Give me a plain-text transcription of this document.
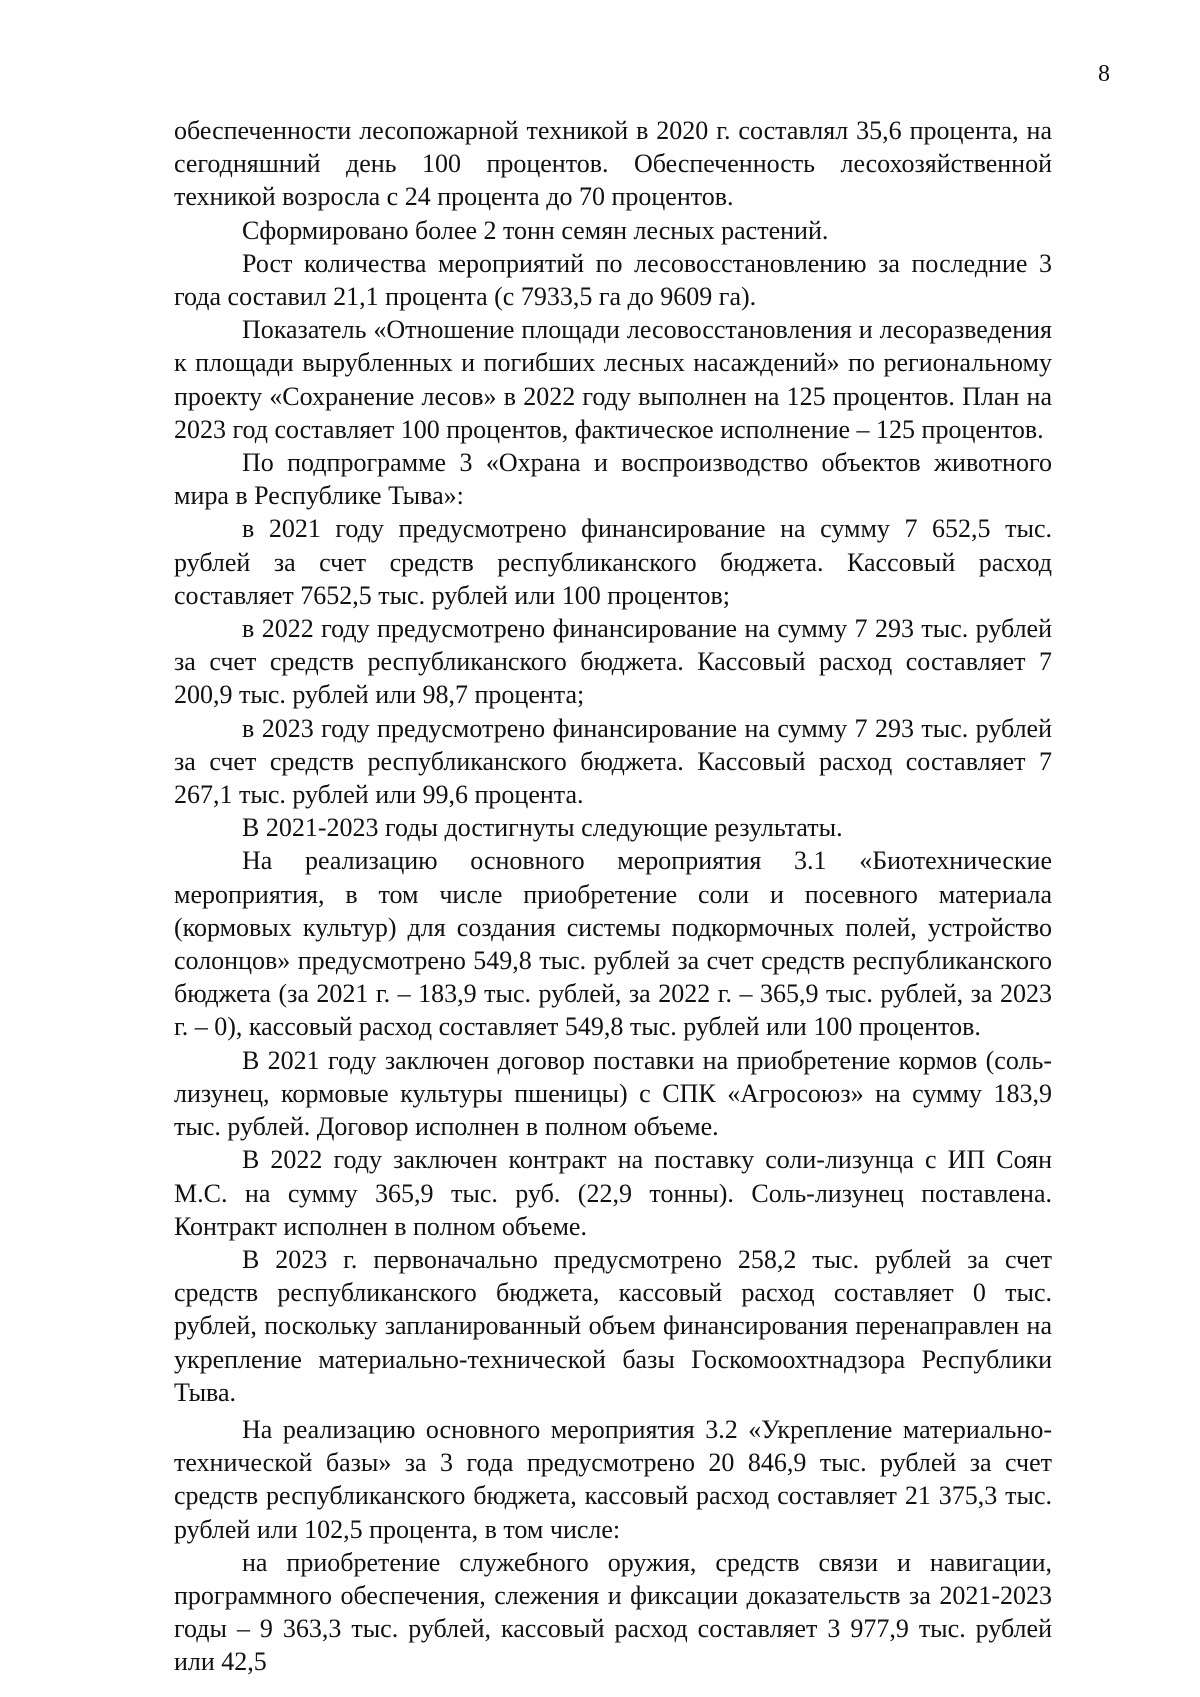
8

обеспеченности лесопожарной техникой в 2020 г. составлял 35,6 процента, на сегодняшний день 100 процентов. Обеспеченность лесохозяйственной техникой возросла с 24 процента до 70 процентов.

Сформировано более 2 тонн семян лесных растений.

Рост количества мероприятий по лесовосстановлению за последние 3 года составил 21,1 процента (с 7933,5 га до 9609 га).

Показатель «Отношение площади лесовосстановления и лесоразведения к площади вырубленных и погибших лесных насаждений» по региональному проекту «Сохранение лесов» в 2022 году выполнен на 125 процентов. План на 2023 год составляет 100 процентов, фактическое исполнение – 125 процентов.

По подпрограмме 3 «Охрана и воспроизводство объектов животного мира в Республике Тыва»:

в 2021 году предусмотрено финансирование на сумму 7 652,5 тыс. рублей за счет средств республиканского бюджета. Кассовый расход составляет 7652,5 тыс. рублей или 100 процентов;

в 2022 году предусмотрено финансирование на сумму 7 293 тыс. рублей за счет средств республиканского бюджета. Кассовый расход составляет 7 200,9 тыс. рублей или 98,7 процента;

в 2023 году предусмотрено финансирование на сумму 7 293 тыс. рублей за счет средств республиканского бюджета. Кассовый расход составляет 7 267,1 тыс. рублей или 99,6 процента.

В 2021-2023 годы достигнуты следующие результаты.

На реализацию основного мероприятия 3.1 «Биотехнические мероприятия, в том числе приобретение соли и посевного материала (кормовых культур) для создания системы подкормочных полей, устройство солонцов» предусмотрено 549,8 тыс. рублей за счет средств республиканского бюджета (за 2021 г. – 183,9 тыс. рублей, за 2022 г. – 365,9 тыс. рублей, за 2023 г. – 0), кассовый расход составляет 549,8 тыс. рублей или 100 процентов.

В 2021 году заключен договор поставки на приобретение кормов (соль-лизунец, кормовые культуры пшеницы) с СПК «Агросоюз» на сумму 183,9 тыс. рублей. Договор исполнен в полном объеме.

В 2022 году заключен контракт на поставку соли-лизунца с ИП Соян М.С. на сумму 365,9 тыс. руб. (22,9 тонны). Соль-лизунец поставлена. Контракт исполнен в полном объеме.

В 2023 г. первоначально предусмотрено 258,2 тыс. рублей за счет средств республиканского бюджета, кассовый расход составляет 0 тыс. рублей, поскольку запланированный объем финансирования перенаправлен на укрепление материально-технической базы Госкомоохтнадзора Республики Тыва.

На реализацию основного мероприятия 3.2 «Укрепление материально-технической базы» за 3 года предусмотрено 20 846,9 тыс. рублей за счет средств республиканского бюджета, кассовый расход составляет 21 375,3 тыс. рублей или 102,5 процента, в том числе:

на приобретение служебного оружия, средств связи и навигации, программного обеспечения, слежения и фиксации доказательств за 2021-2023 годы – 9 363,3 тыс. рублей, кассовый расход составляет 3 977,9 тыс. рублей или 42,5
